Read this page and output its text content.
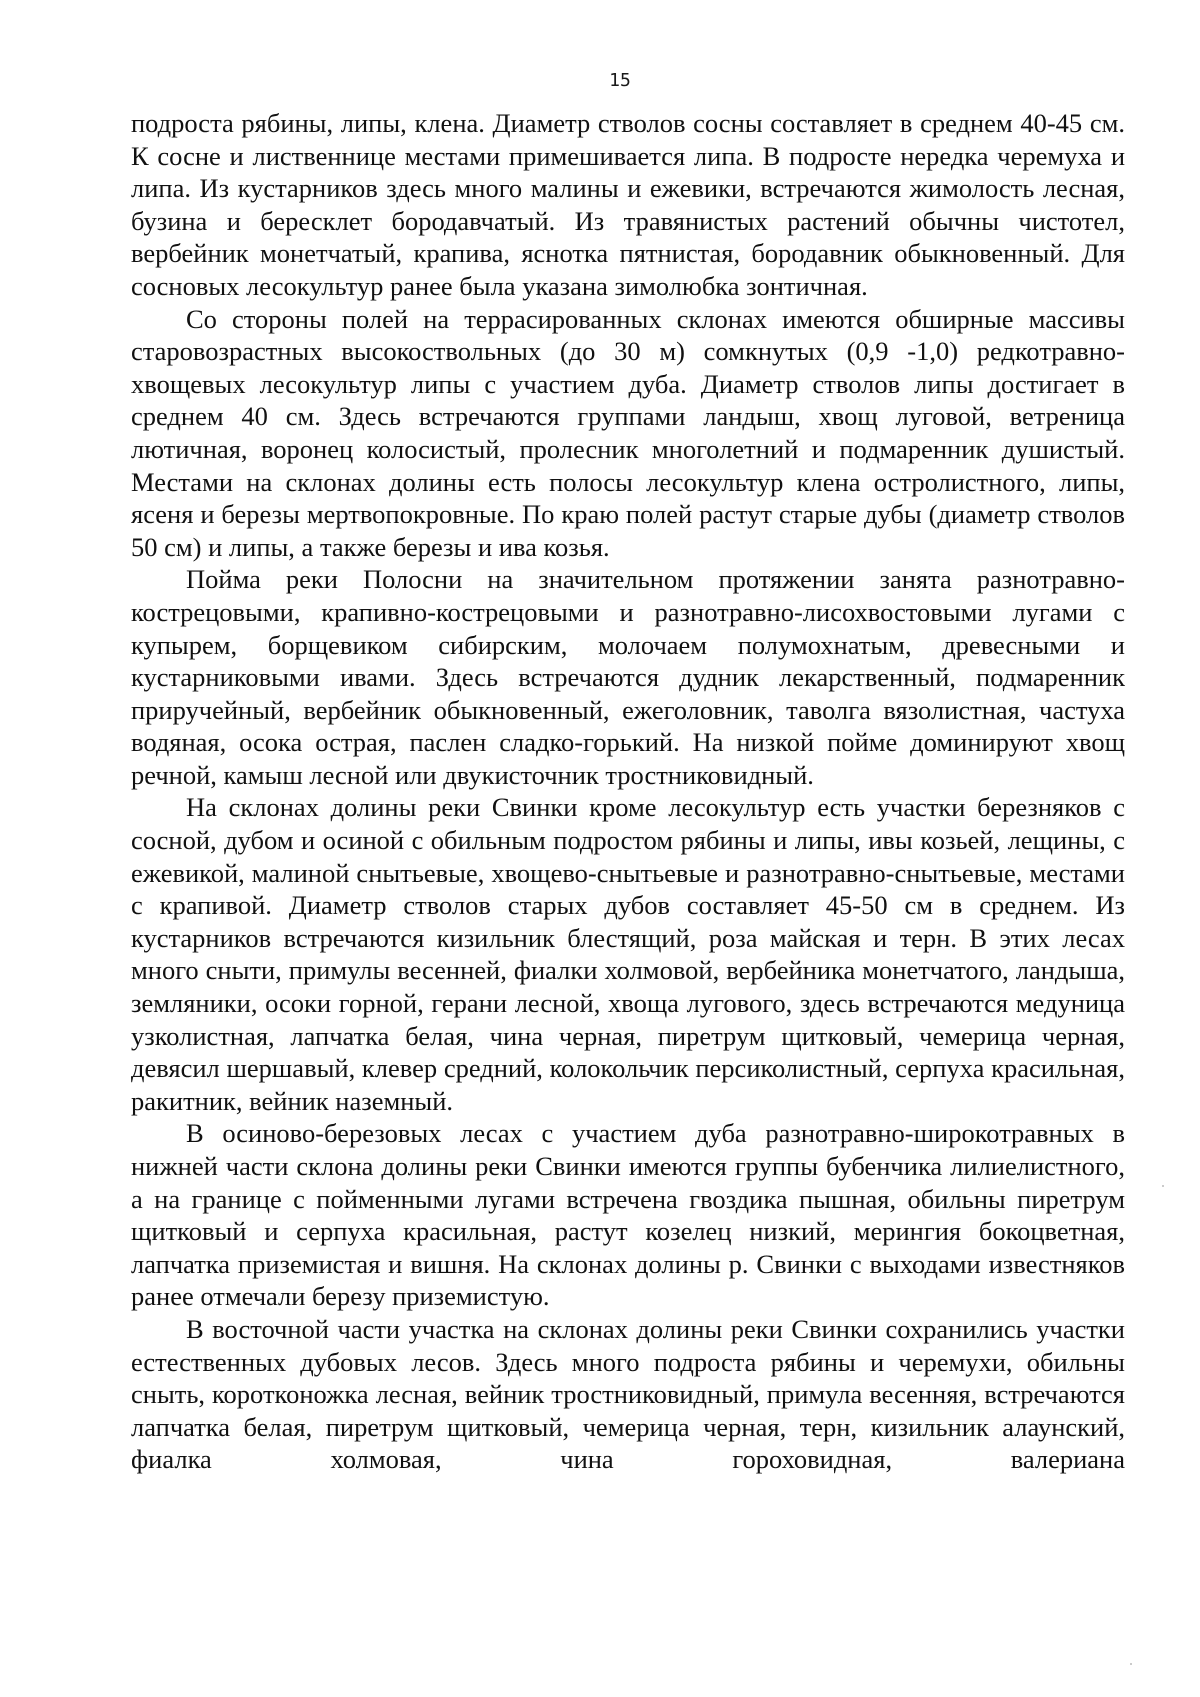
15

подроста рябины, липы, клена. Диаметр стволов сосны составляет в среднем 40-45 см. К сосне и лиственнице местами примешивается липа. В подросте нередка черемуха и липа. Из кустарников здесь много малины и ежевики, встречаются жимолость лесная, бузина и бересклет бородавчатый. Из травянистых растений обычны чистотел, вербейник монетчатый, крапива, яснотка пятнистая, бородавник обыкновенный. Для сосновых лесокультур ранее была указана зимолюбка зонтичная.

Со стороны полей на террасированных склонах имеются обширные массивы старовозрастных высокоствольных (до 30 м) сомкнутых (0,9 -1,0) редкотравно-хвощевых лесокультур липы с участием дуба. Диаметр стволов липы достигает в среднем 40 см. Здесь встречаются группами ландыш, хвощ луговой, ветреница лютичная, воронец колосистый, пролесник многолетний и подмаренник душистый. Местами на склонах долины есть полосы лесокультур клена остролистного, липы, ясеня и березы мертвопокровные. По краю полей растут старые дубы (диаметр стволов 50 см) и липы, а также березы и ива козья.

Пойма реки Полосни на значительном протяжении занята разнотравно-кострецовыми, крапивно-кострецовыми и разнотравно-лисохвостовыми лугами с купырем, борщевиком сибирским, молочаем полумохнатым, древесными и кустарниковыми ивами. Здесь встречаются дудник лекарственный, подмаренник приручейный, вербейник обыкновенный, ежеголовник, таволга вязолистная, частуха водяная, осока острая, паслен сладко-горький. На низкой пойме доминируют хвощ речной, камыш лесной или двукисточник тростниковидный.

На склонах долины реки Свинки кроме лесокультур есть участки березняков с сосной, дубом и осиной с обильным подростом рябины и липы, ивы козьей, лещины, с ежевикой, малиной снытьевые, хвощево-снытьевые и разнотравно-снытьевые, местами с крапивой. Диаметр стволов старых дубов составляет 45-50 см в среднем. Из кустарников встречаются кизильник блестящий, роза майская и терн. В этих лесах много сныти, примулы весенней, фиалки холмовой, вербейника монетчатого, ландыша, земляники, осоки горной, герани лесной, хвоща лугового, здесь встречаются медуница узколистная, лапчатка белая, чина черная, пиретрум щитковый, чемерица черная, девясил шершавый, клевер средний, колокольчик персиколистный, серпуха красильная, ракитник, вейник наземный.

В осиново-березовых лесах с участием дуба разнотравно-широкотравных в нижней части склона долины реки Свинки имеются группы бубенчика лилиелистного, а на границе с пойменными лугами встречена гвоздика пышная, обильны пиретрум щитковый и серпуха красильная, растут козелец низкий, мерингия бокоцветная, лапчатка приземистая и вишня. На склонах долины р. Свинки с выходами известняков ранее отмечали березу приземистую.

В восточной части участка на склонах долины реки Свинки сохранились участки естественных дубовых лесов. Здесь много подроста рябины и черемухи, обильны сныть, коротконожка лесная, вейник тростниковидный, примула весенняя, встречаются лапчатка белая, пиретрум щитковый, чемерица черная, терн, кизильник алаунский, фиалка холмовая, чина гороховидная, валериана
